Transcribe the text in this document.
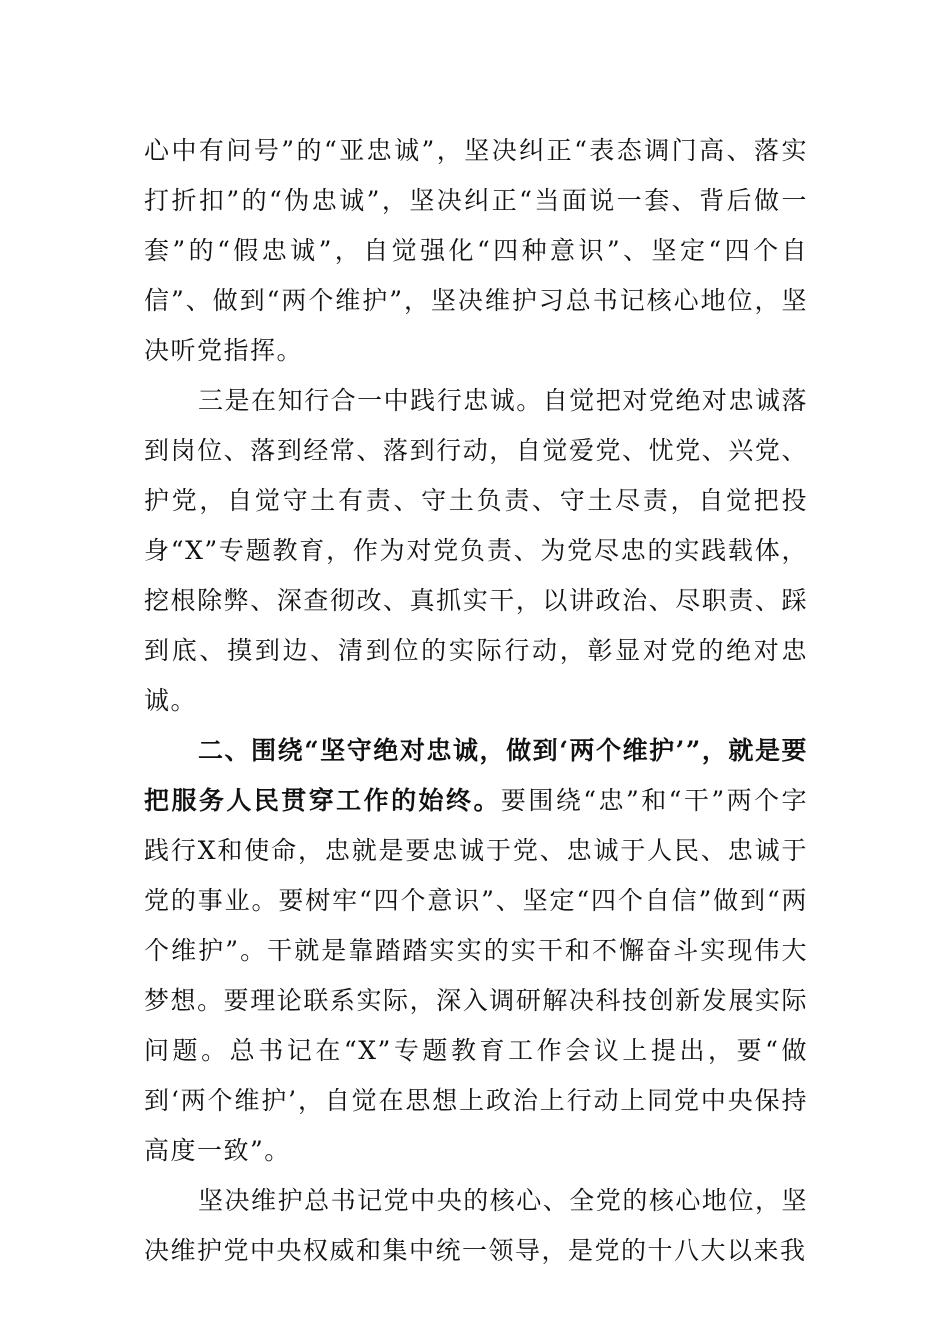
心中有问号”的“亚忠诚”，坚决纠正“表态调门高、落实打折扣”的“伪忠诚”，坚决纠正“当面说一套、背后做一套”的“假忠诚”，自觉强化“四种意识”、坚定“四个自信”、做到“两个维护”，坚决维护习总书记核心地位，坚决听党指挥。

三是在知行合一中践行忠诚。自觉把对党绝对忠诚落到岗位、落到经常、落到行动，自觉爱党、忧党、兴党、护党，自觉守土有责、守土负责、守土尽责，自觉把投身“X”专题教育，作为对党负责、为党尽忠的实践载体，挖根除弊、深查彻改、真抓实干，以讲政治、尽职责、踩到底、摸到边、清到位的实际行动，彰显对党的绝对忠诚。

二、围绕“坚守绝对忠诚，做到‘两个维护’”，就是要把服务人民贯穿工作的始终。要围绕“忠”和“干”两个字践行X和使命，忠就是要忠诚于党、忠诚于人民、忠诚于党的事业。要树牢“四个意识”、坚定“四个自信”做到“两个维护”。干就是靠踏踏实实的实干和不懈奋斗实现伟大梦想。要理论联系实际，深入调研解决科技创新发展实际问题。总书记在“X”专题教育工作会议上提出，要“做到‘两个维护’，自觉在思想上政治上行动上同党中央保持高度一致”。

坚决维护总书记党中央的核心、全党的核心地位，坚决维护党中央权威和集中统一领导，是党的十八大以来我
